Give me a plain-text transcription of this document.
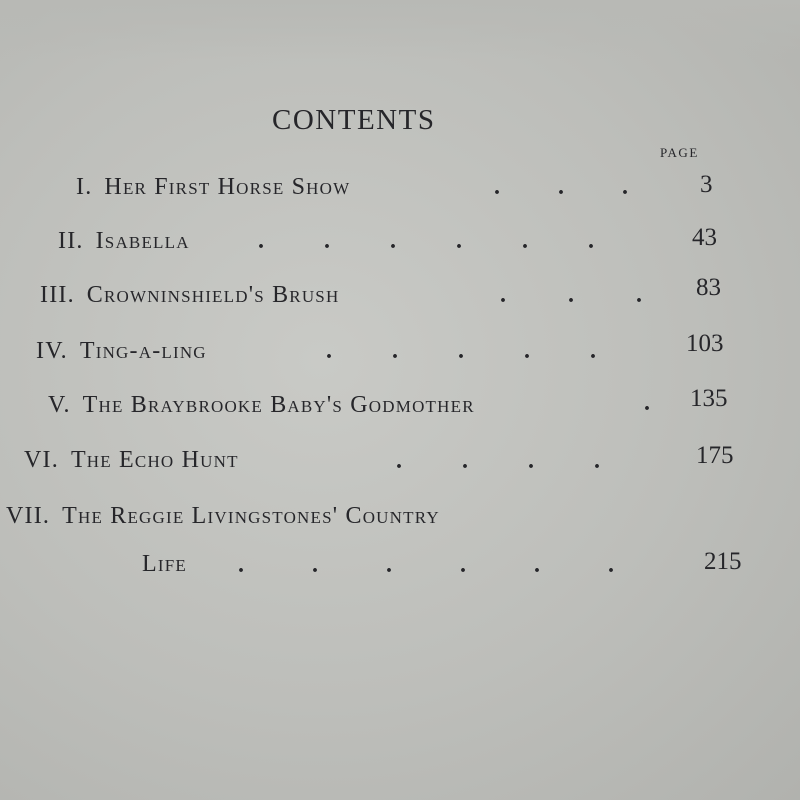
CONTENTS
PAGE
I. Her First Horse Show	. . .	3
II. Isabella	.	.	.	.	.	.	43
III. Crowninshield's Brush	.	.	. 83
IV. Ting-a-ling	.	.	.	.	.	103
V. The Braybrooke Baby's Godmother	. 135
VI. The Echo Hunt	.	.	.	.	175
VII. The Reggie Livingstones' Country
Life .	.	.	.	.	.	215
